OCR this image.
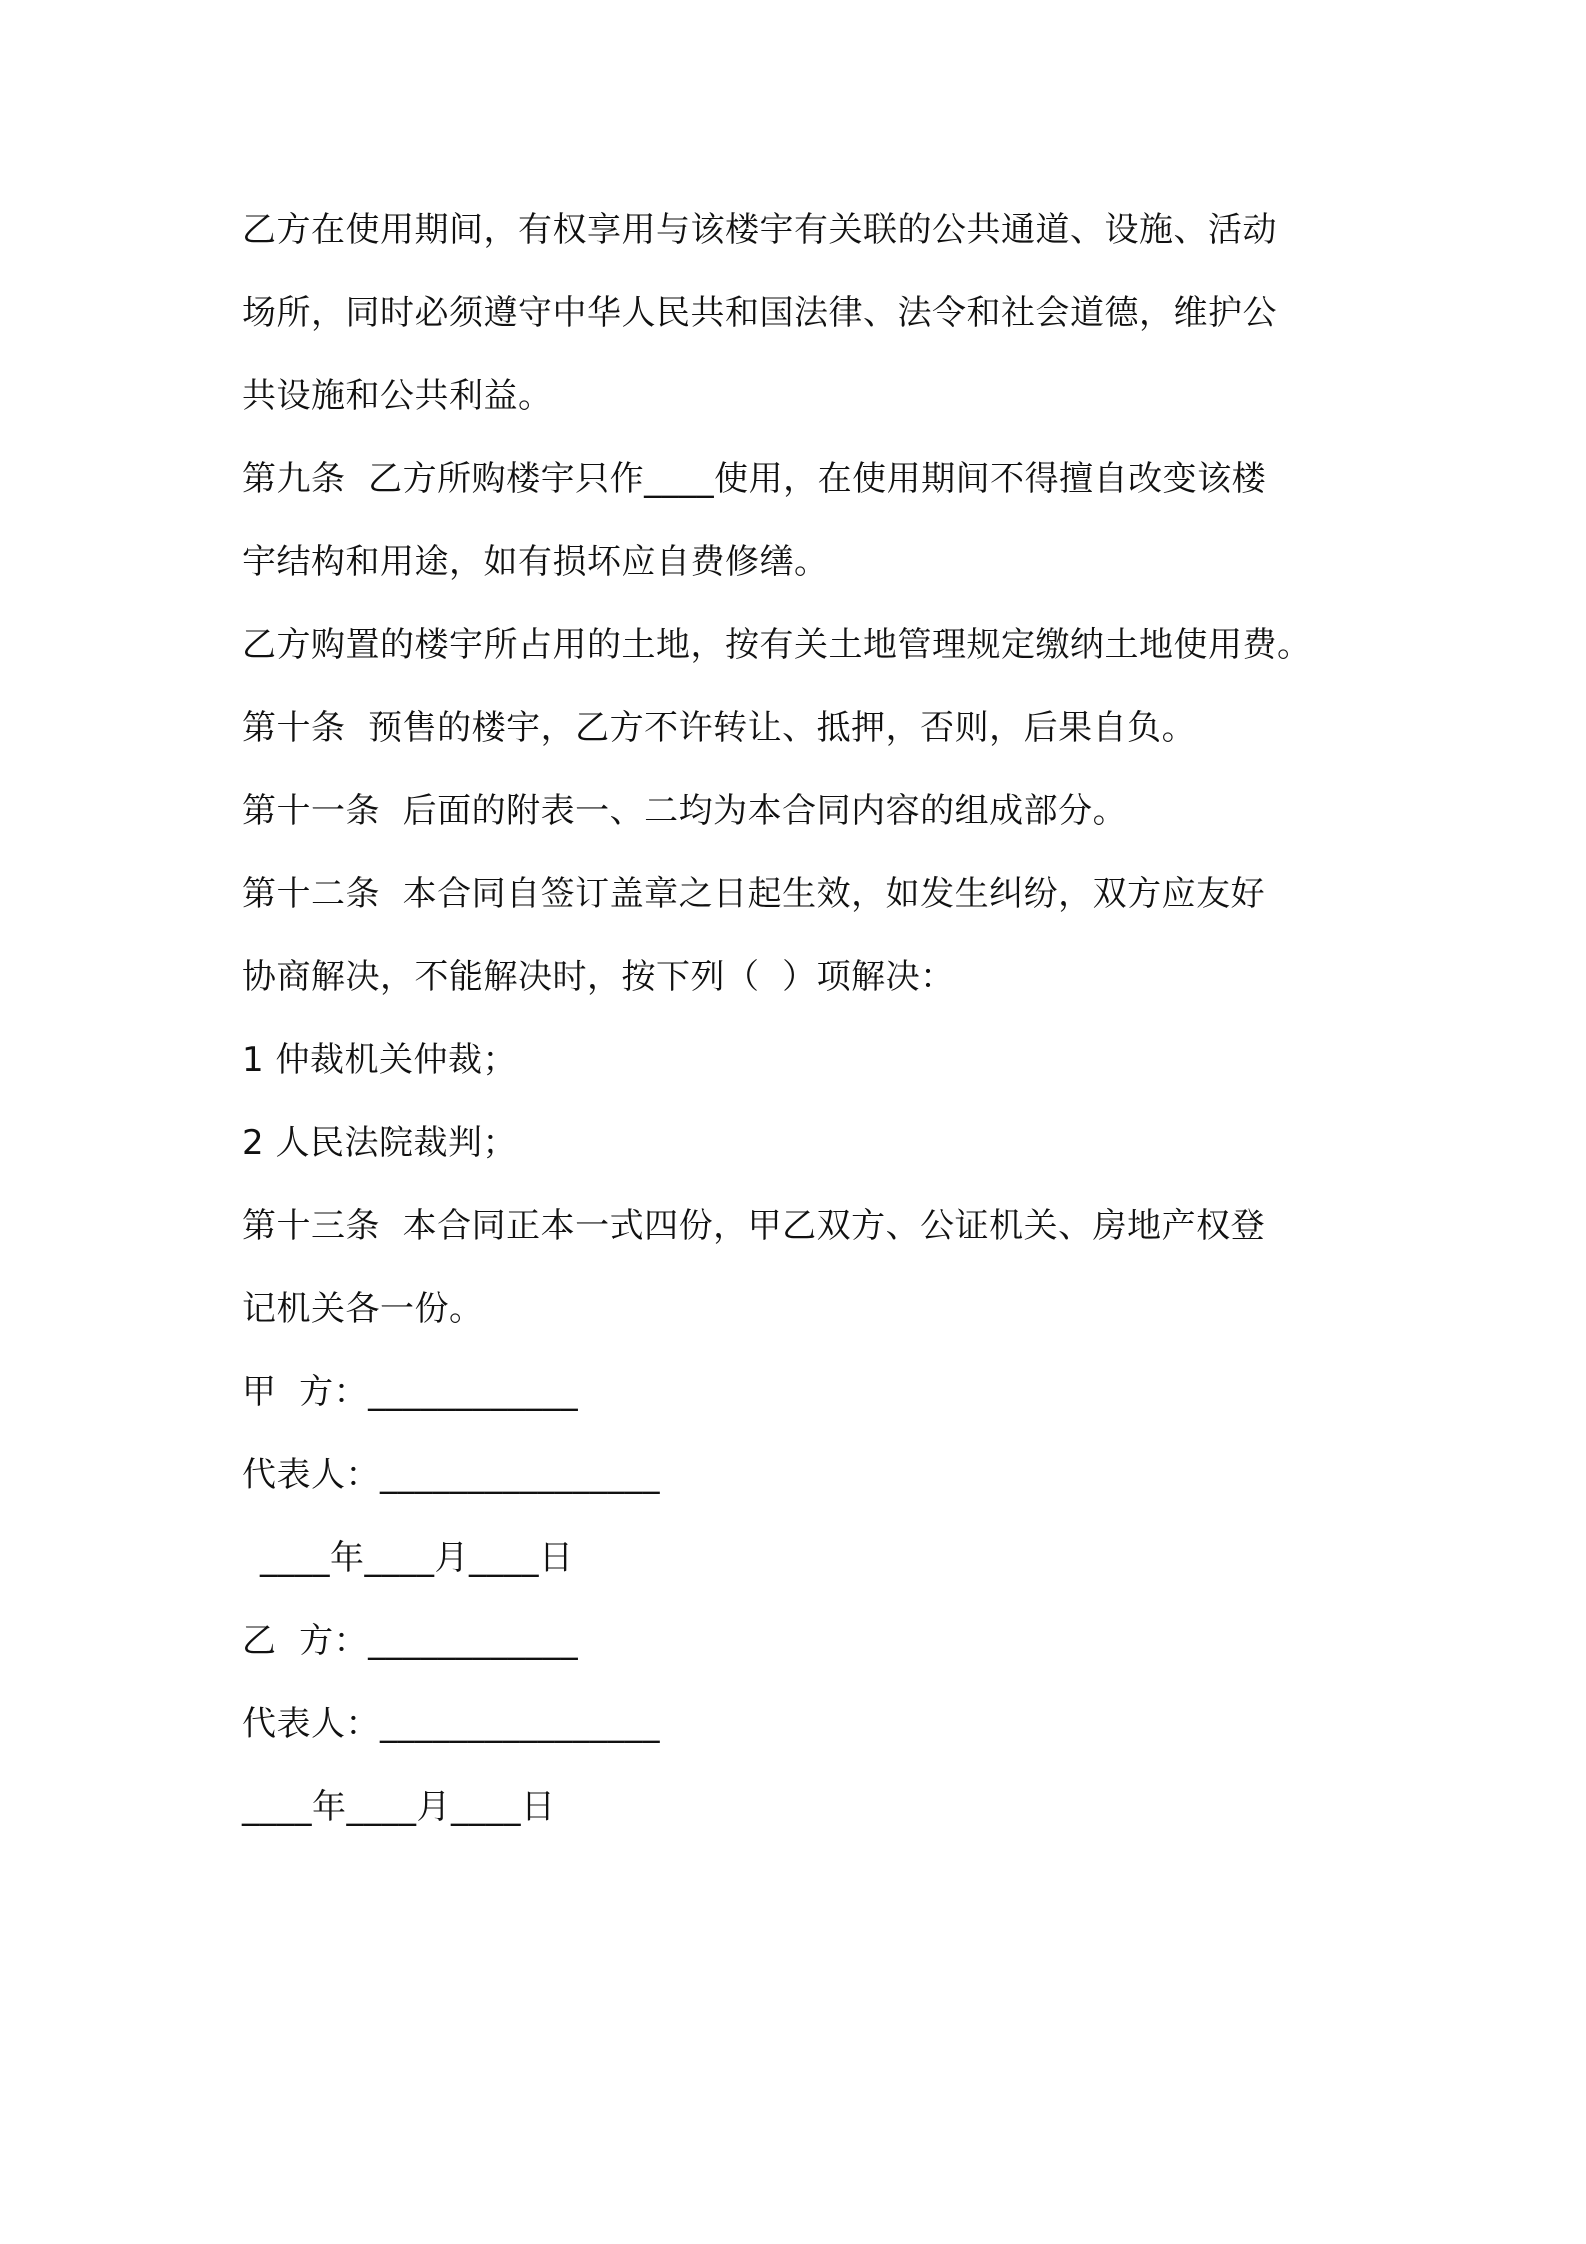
乙方在使用期间，有权享用与该楼宇有关联的公共通道、设施、活动
场所，同时必须遵守中华人民共和国法律、法令和社会道德，维护公
共设施和公共利益。
第九条  乙方所购楼宇只作____使用，在使用期间不得擅自改变该楼
宇结构和用途，如有损坏应自费修缮。
乙方购置的楼宇所占用的土地，按有关土地管理规定缴纳土地使用费。
第十条  预售的楼宇，乙方不许转让、抵押，否则，后果自负。
第十一条  后面的附表一、二均为本合同内容的组成部分。
第十二条  本合同自签订盖章之日起生效，如发生纠纷，双方应友好
协商解决，不能解决时，按下列（  ）项解决：
1 仲裁机关仲裁；
2 人民法院裁判；
第十三条  本合同正本一式四份，甲乙双方、公证机关、房地产权登
记机关各一份。
甲  方：____________
代表人：________________
____年____月____日
乙  方：____________
代表人：________________
____年____月____日
